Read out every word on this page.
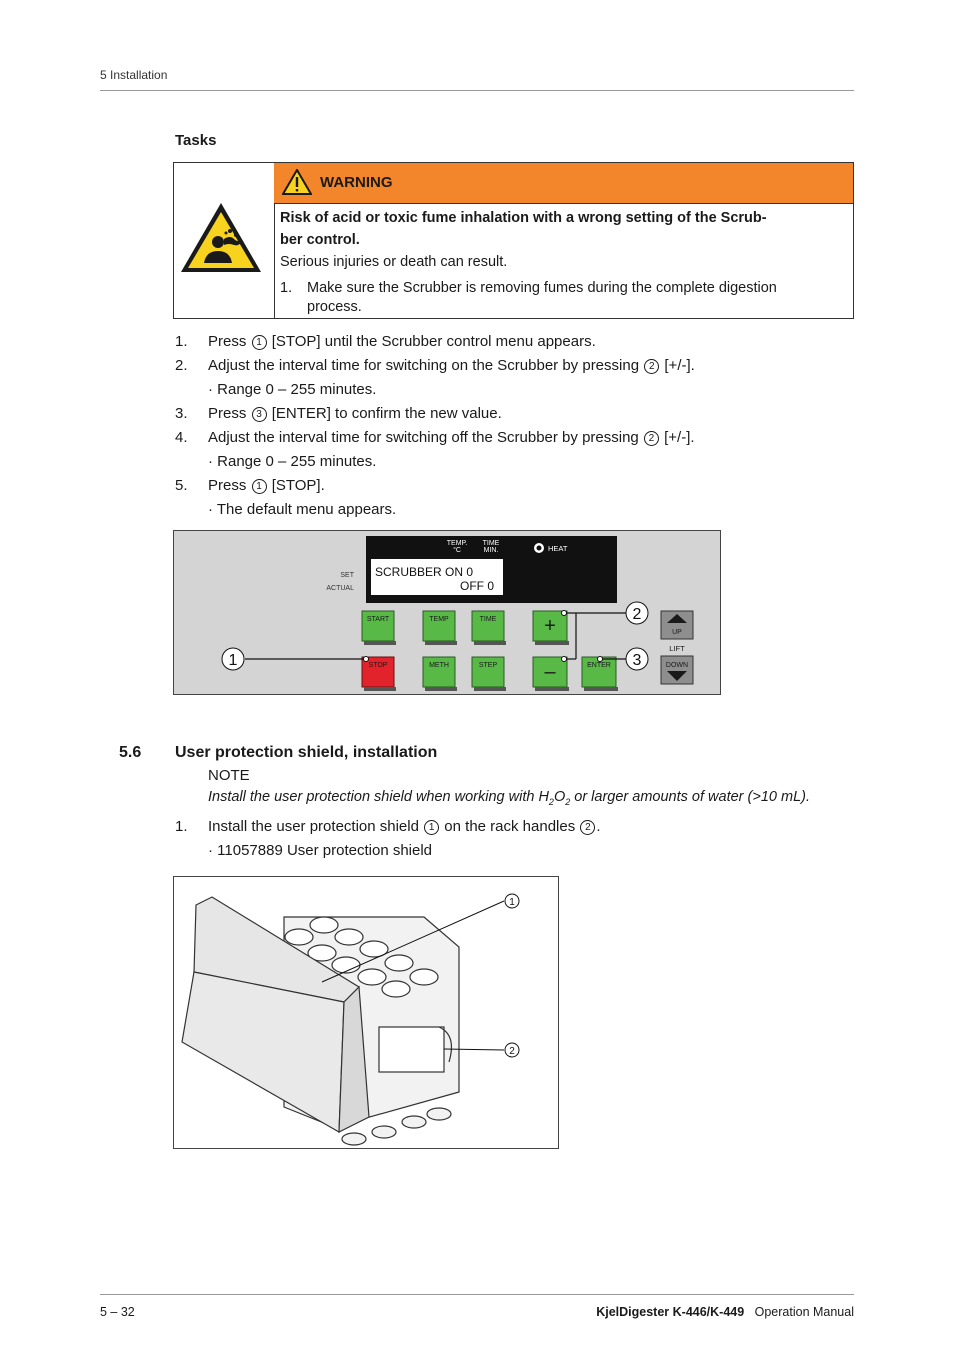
5 Installation
Tasks
WARNING
Risk of acid or toxic fume inhalation with a wrong setting of the Scrub-
ber control.
Serious injuries or death can result.
1. Make sure the Scrubber is removing fumes during the complete digestion
process.
1. Press 1 [STOP] until the Scrubber control menu appears.
2. Adjust the interval time for switching on the Scrubber by pressing 2 [+/-].
· Range 0 – 255 minutes.
3. Press 3 [ENTER] to confirm the new value.
4. Adjust the interval time for switching off the Scrubber by pressing 2 [+/-].
· Range 0 – 255 minutes.
5. Press 1 [STOP].
· The default menu appears.
TEMP.
°C
TIME
MIN.	HEAT
SCRUBBER ON 0
OFF 0
SET
ACTUAL
START	TEMP	TIME +
STOP	METH	STEP –	ENTER
UP
LIFT
DOWN
1
2
3
5.6 User protection shield, installation
NOTE
Install the user protection shield when working with $H_2O_2$ or larger amounts of water (>10 mL).
1. Install the user protection shield 1 on the rack handles 2 .
· 11057889 User protection shield
1
2
5 – 32	KjelDigester K-446/K-449 Operation Manual
